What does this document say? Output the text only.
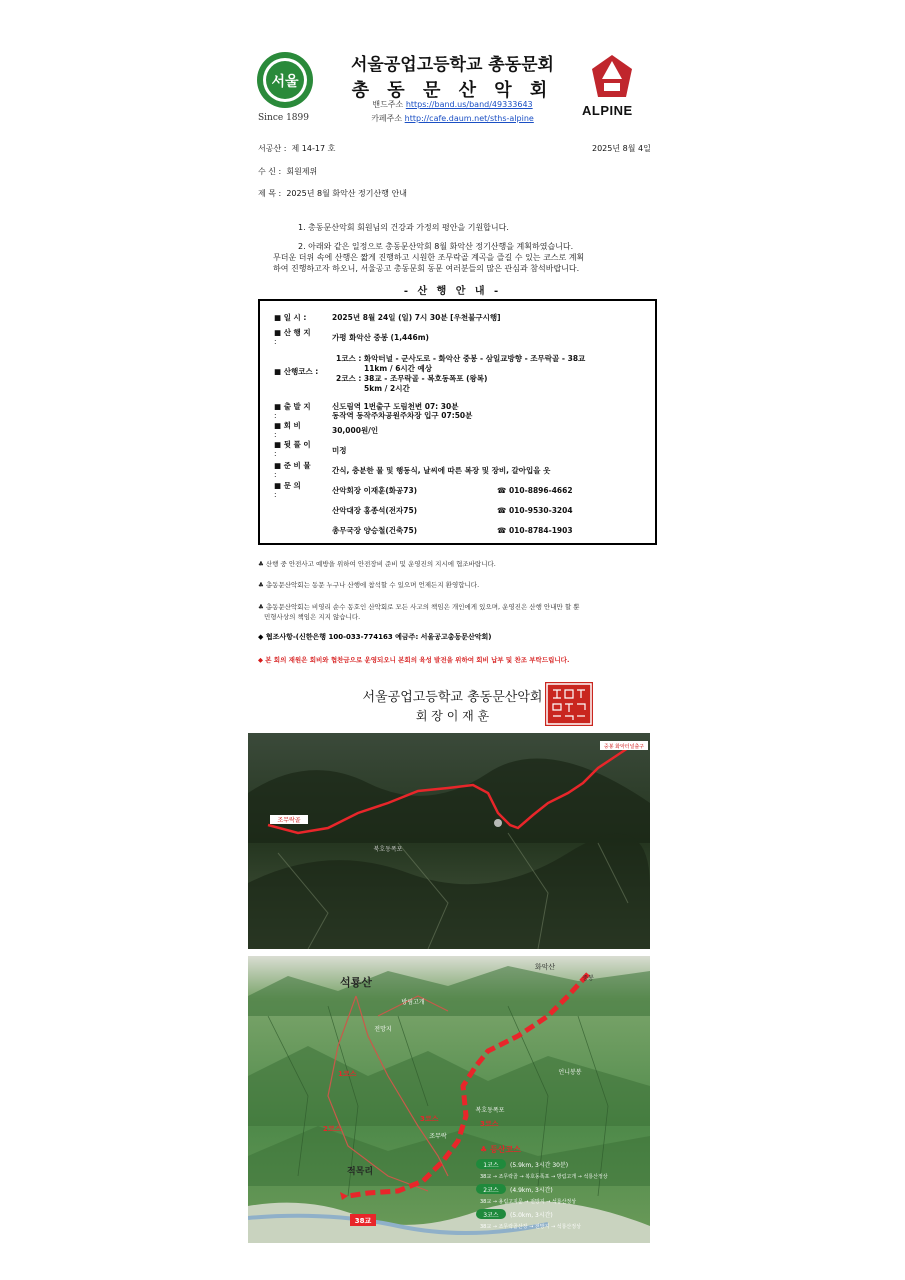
서울
Since 1899
서울공업고등학교 총동문회
총 동 문 산 악 회
밴드주소 https://band.us/band/49333643
카페주소 http://cafe.daum.net/sths-alpine
ALPINE
서공산 : 제 14-17 호	2025년 8월 4일
수 신 : 회원제위
제 목 : 2025년 8월 화악산 정기산행 안내
1. 총동문산악회 회원님의 건강과 가정의 평안을 기원합니다.
2. 아래와 같은 일정으로 총동문산악회 8월 화악산 정기산행을 계획하였습니다.
무더운 더위 속에 산행은 짧게 진행하고 시원한 조무락골 계곡을 즐길 수 있는 코스로 계획
하여 진행하고자 하오니, 서울공고 총동문회 동문 여러분들의 많은 관심과 참석바랍니다.
- 산 행 안 내 -
■ 일 시 :	2025년 8월 24일 (일) 7시 30분 [우천불구시행]
■ 산 행 지
:	가평 화악산 중봉 (1,446m)
■ 산행코스 :
1코스 : 화악터널 - 군사도로 - 화악산 중봉 - 삼일교방향 - 조무락골 - 38교
11km / 6시간 예상
2코스 : 38교 - 조무락골 - 복호동폭포 (왕복)
5km / 2시간
■ 출 발 지
:
신도림역 1번출구 도림천변 07: 30분
동작역 동작주차공원주차장 입구 07:50분
■ 회 비
:	30,000원/인
■ 뒷 풀 이
:	미정
■ 준 비 물
:	간식, 충분한 물 및 행동식, 날씨에 따른 복장 및 장비, 갈아입을 옷
■ 문 의
:	산악회장 이재훈(화공73)	☎ 010-8896-4662
산악대장 홍종석(전자75)	☎ 010-9530-3204
총무국장 양승철(건축75)	☎ 010-8784-1903
♣ 산행 중 안전사고 예방을 위하여 안전장비 준비 및 운영진의 지시에 협조바랍니다.
♣ 총동문산악회는 동문 누구나 산행에 참석할 수 있으며 언제든지 환영합니다.
♣ 총동문산악회는 비영리 순수 동호인 산악회로 모든 사고의 책임은 개인에게 있으며, 운영진은 산행 안내만 할 뿐
민형사상의 책임은 지지 않습니다.
◆ 협조사항-(신한은행 100-033-774163 예금주: 서울공고총동문산악회)
◆ 본 회의 재원은 회비와 협찬금으로 운영되오니 본회의 육성 발전을 위하여 회비 납부 및 찬조 부탁드립니다.
서울공업고등학교 총동문산악회
회 장 이 재 훈
조무락골
중봉 화악터널출구
북호동폭포
석룡산
화악산
중봉
방림고개
전망지
언니봉봉
복호동폭포
1코스
2코스
3코스
3코스
조무락
적목리
38교
♣ 등산코스
1코스 (5.9km, 3시간 30분)
38교 → 조무락골 → 복호동폭포 → 방림고개 → 석룡산정상
2코스 (4.9km, 3시간)
38교 → 용림고지문 → 전망지 → 석룡산정상
3코스 (5.0km, 3시간)
38교 → 조무락골산장 → 전망지 → 석룡산정상
